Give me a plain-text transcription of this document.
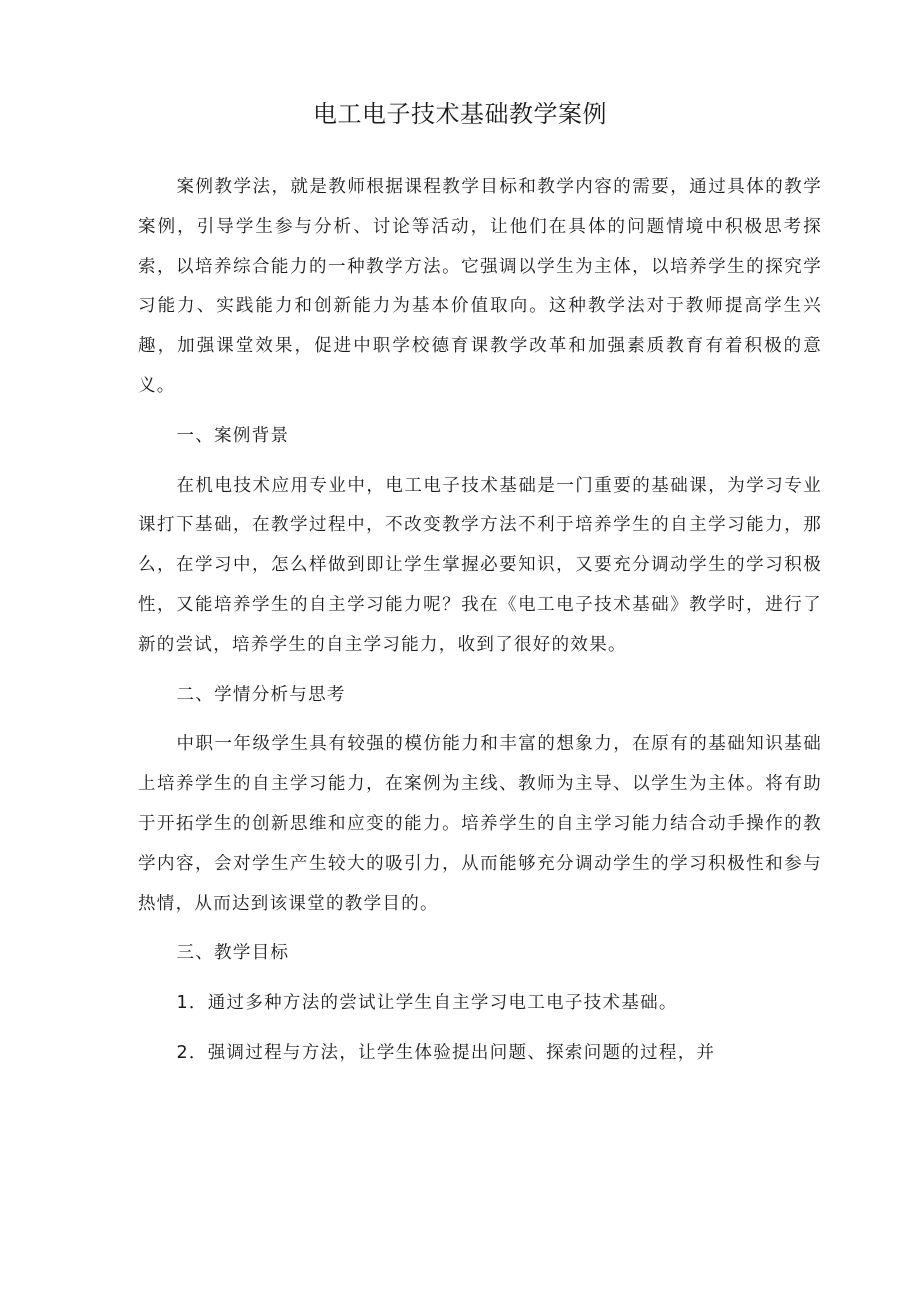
电工电子技术基础教学案例

案例教学法，就是教师根据课程教学目标和教学内容的需要，通过具体的教学案例，引导学生参与分析、讨论等活动，让他们在具体的问题情境中积极思考探索，以培养综合能力的一种教学方法。它强调以学生为主体，以培养学生的探究学习能力、实践能力和创新能力为基本价值取向。这种教学法对于教师提高学生兴趣，加强课堂效果，促进中职学校德育课教学改革和加强素质教育有着积极的意义。

一、案例背景

在机电技术应用专业中，电工电子技术基础是一门重要的基础课，为学习专业课打下基础，在教学过程中，不改变教学方法不利于培养学生的自主学习能力，那么，在学习中，怎么样做到即让学生掌握必要知识，又要充分调动学生的学习积极性，又能培养学生的自主学习能力呢？我在《电工电子技术基础》教学时，进行了新的尝试，培养学生的自主学习能力，收到了很好的效果。

二、学情分析与思考

中职一年级学生具有较强的模仿能力和丰富的想象力，在原有的基础知识基础上培养学生的自主学习能力，在案例为主线、教师为主导、以学生为主体。将有助于开拓学生的创新思维和应变的能力。培养学生的自主学习能力结合动手操作的教学内容，会对学生产生较大的吸引力，从而能够充分调动学生的学习积极性和参与热情，从而达到该课堂的教学目的。

三、教学目标

1．通过多种方法的尝试让学生自主学习电工电子技术基础。

2．强调过程与方法，让学生体验提出问题、探索问题的过程，并
